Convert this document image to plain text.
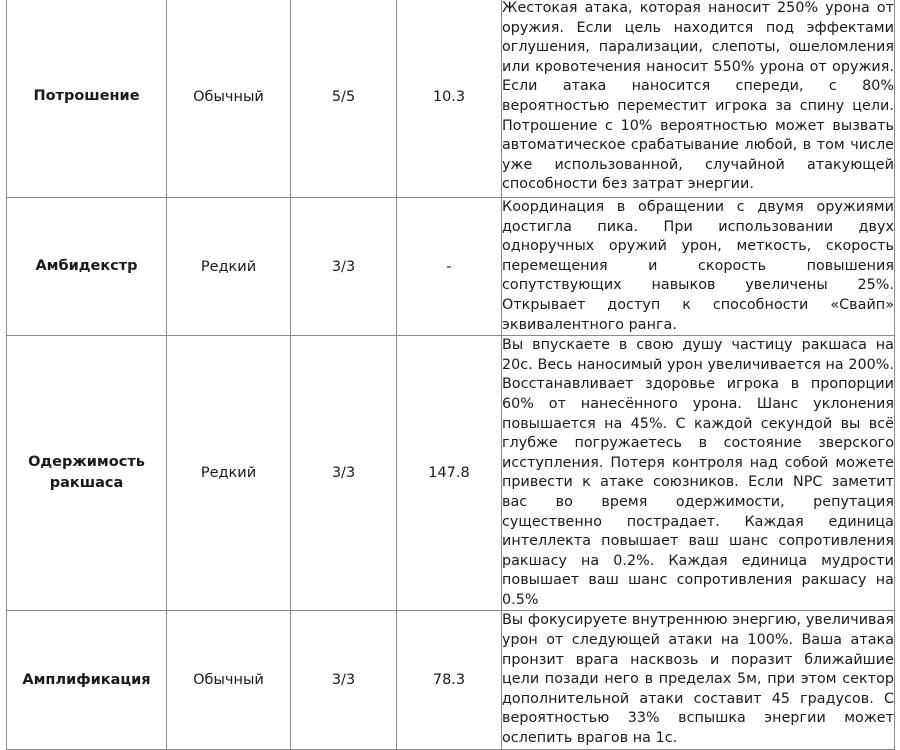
Потрошение	Обычный	5/5	10.3	Жестокая атака, которая наносит 250% урона от оружия. Если цель находится под эффектами оглушения, парализации, слепоты, ошеломления или кровотечения наносит 550% урона от оружия. Если атака наносится спереди, с 80% вероятностью переместит игрока за спину цели. Потрошение с 10% вероятностью может вызвать автоматическое срабатывание любой, в том числе уже использованной, случайной атакующей способности без затрат энергии.
Амбидекстр	Редкий	3/3	-	Координация в обращении с двумя оружиями достигла пика. При использовании двух одноручных оружий урон, меткость, скорость перемещения и скорость повышения сопутствующих навыков увеличены 25%. Открывает доступ к способности «Свайп» эквивалентного ранга.
Одержимость ракшаса	Редкий	3/3	147.8	Вы впускаете в свою душу частицу ракшаса на 20с. Весь наносимый урон увеличивается на 200%. Восстанавливает здоровье игрока в пропорции 60% от нанесённого урона. Шанс уклонения повышается на 45%. С каждой секундой вы всё глубже погружаетесь в состояние зверского исступления. Потеря контроля над собой можете привести к атаке союзников. Если NPC заметит вас во время одержимости, репутация существенно пострадает. Каждая единица интеллекта повышает ваш шанс сопротивления ракшасу на 0.2%. Каждая единица мудрости повышает ваш шанс сопротивления ракшасу на 0.5%
Амплификация	Обычный	3/3	78.3	Вы фокусируете внутреннюю энергию, увеличивая урон от следующей атаки на 100%. Ваша атака пронзит врага насквозь и поразит ближайшие цели позади него в пределах 5м, при этом сектор дополнительной атаки составит 45 градусов. С вероятностью 33% вспышка энергии может ослепить врагов на 1с.
